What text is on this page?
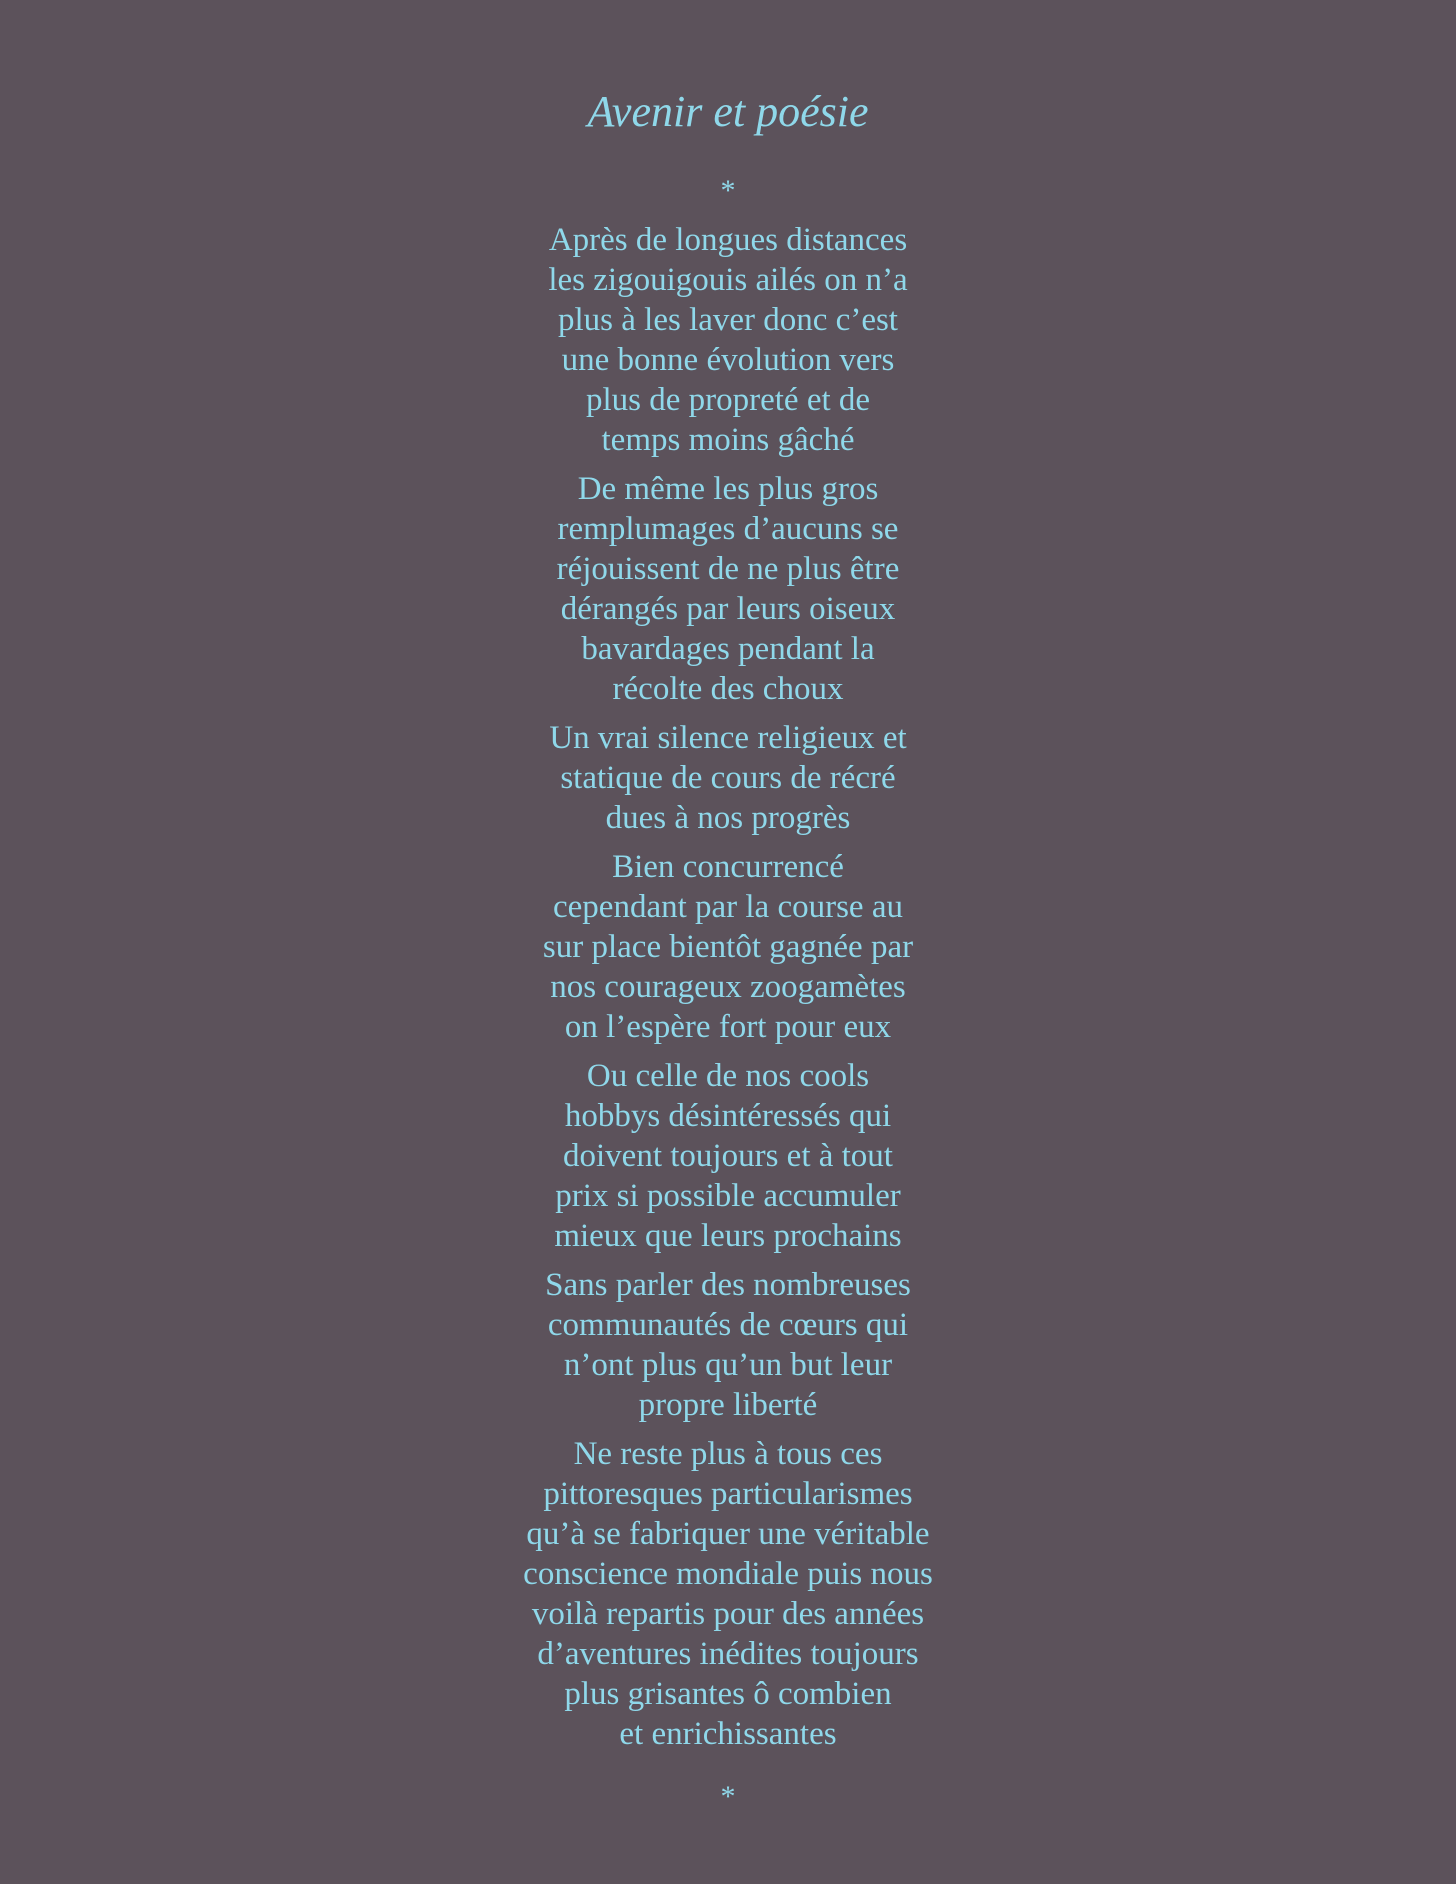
Avenir et poésie
*
Après de longues distances
les zigouigouis ailés on n’a
plus à les laver donc c’est
une bonne évolution vers
plus de propreté et de
temps moins gâché
De même les plus gros
remplumages d’aucuns se
réjouissent de ne plus être
dérangés par leurs oiseux
bavardages pendant la
récolte des choux
Un vrai silence religieux et
statique de cours de récré
dues à nos progrès
Bien concurrencé
cependant par la course au
sur place bientôt gagnée par
nos courageux zoogamètes
on l’espère fort pour eux
Ou celle de nos cools
hobbys désintéressés qui
doivent toujours et à tout
prix si possible accumuler
mieux que leurs prochains
Sans parler des nombreuses
communautés de cœurs qui
n’ont plus qu’un but leur
propre liberté
Ne reste plus à tous ces
pittoresques particularismes
qu’à se fabriquer une véritable
conscience mondiale puis nous
voilà repartis pour des années
d’aventures inédites toujours
plus grisantes ô combien
et enrichissantes
*
